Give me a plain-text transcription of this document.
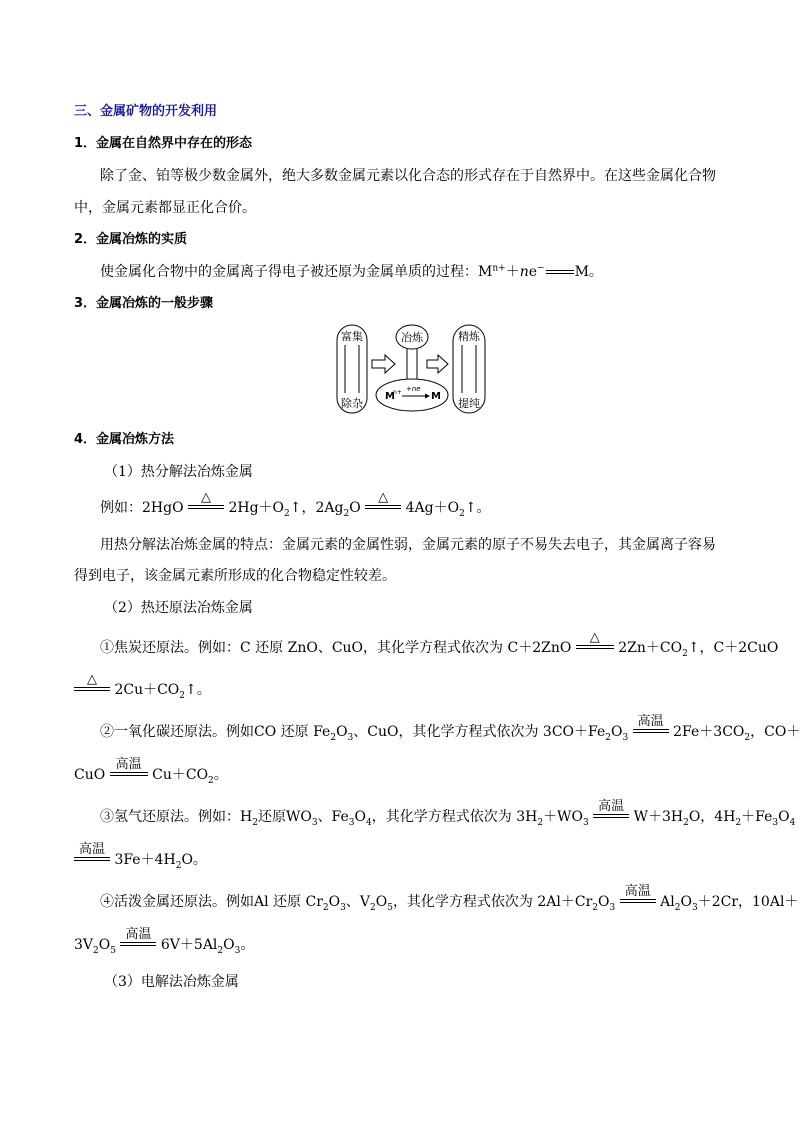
三、金属矿物的开发利用
1．金属在自然界中存在的形态
除了金、铂等极少数金属外，绝大多数金属元素以化合态的形式存在于自然界中。在这些金属化合物
中，金属元素都显正化合价。
2．金属冶炼的实质
使金属化合物中的金属离子得电子被还原为金属单质的过程：$M^{n+}+ne^-$ M。
3．金属冶炼的一般步骤
富集
除杂
精炼
提纯
冶炼
M
n+ +ne
M
4．金属冶炼方法
（1）热分解法冶炼金属
例如：2HgO
△
$2Hg+O_2↑$，$2Ag_2O$
△
$4Ag+O_2↑$。
用热分解法冶炼金属的特点：金属元素的金属性弱，金属元素的原子不易失去电子，其金属离子容易
得到电子，该金属元素所形成的化合物稳定性较差。
（2）热还原法冶炼金属
①焦炭还原法。例如：C 还原 ZnO、CuO，其化学方程式依次为 C＋2ZnO
△
$2Zn+CO_2↑$，C＋2CuO
△
$2Cu+CO_2↑$。
②一氧化碳还原法。例如CO 还原 $Fe_2O_3$、CuO，其化学方程式依次为 $3CO+Fe_2O_3$
高温
$2Fe+3CO_2$，CO＋
CuO
高温
$Cu+CO_2$。
③氢气还原法。例如：$H_2$还原$WO_3$、$Fe_3O_4$，其化学方程式依次为 $3H_2+WO_3$
高温
$W+3H_2O$，$4H_2+Fe_3O_4$
高温
$3Fe+4H_2O$。
④活泼金属还原法。例如Al 还原 $Cr_2O_3$、$V_2O_5$，其化学方程式依次为 $2Al+Cr_2O_3$
高温
$Al_2O_3+2Cr$，10Al＋
$3V_2O_5$
高温
$6V+5Al_2O_3$。
（3）电解法冶炼金属
